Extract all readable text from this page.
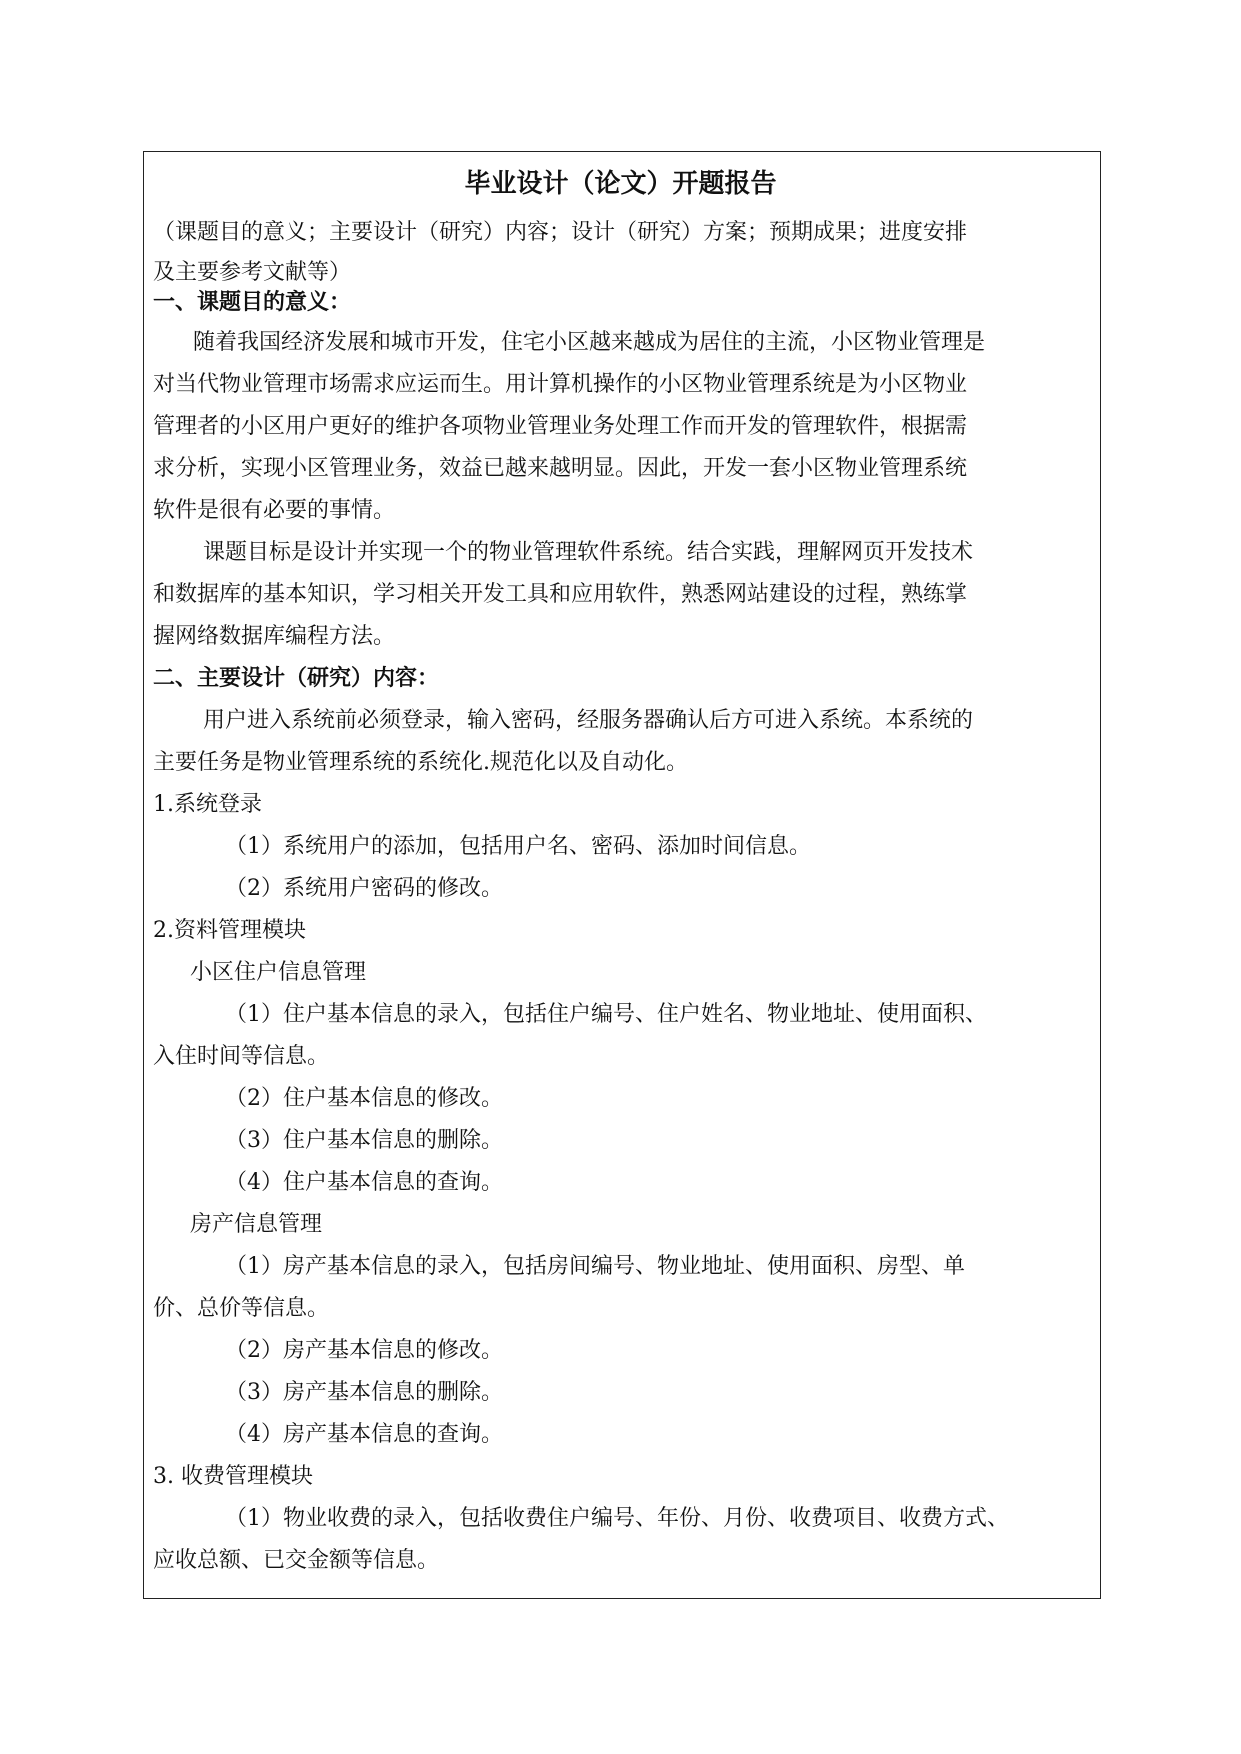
毕业设计（论文）开题报告
（课题目的意义；主要设计（研究）内容；设计（研究）方案；预期成果；进度安排
及主要参考文献等）
一、课题目的意义：
随着我国经济发展和城市开发，住宅小区越来越成为居住的主流，小区物业管理是
对当代物业管理市场需求应运而生。用计算机操作的小区物业管理系统是为小区物业
管理者的小区用户更好的维护各项物业管理业务处理工作而开发的管理软件，根据需
求分析，实现小区管理业务，效益已越来越明显。因此，开发一套小区物业管理系统
软件是很有必要的事情。
课题目标是设计并实现一个的物业管理软件系统。结合实践，理解网页开发技术
和数据库的基本知识，学习相关开发工具和应用软件，熟悉网站建设的过程，熟练掌
握网络数据库编程方法。
二、主要设计（研究）内容：
用户进入系统前必须登录，输入密码，经服务器确认后方可进入系统。本系统的
主要任务是物业管理系统的系统化.规范化以及自动化。
1.系统登录
（1）系统用户的添加，包括用户名、密码、添加时间信息。
（2）系统用户密码的修改。
2.资料管理模块
小区住户信息管理
（1）住户基本信息的录入，包括住户编号、住户姓名、物业地址、使用面积、
入住时间等信息。
（2）住户基本信息的修改。
（3）住户基本信息的删除。
（4）住户基本信息的查询。
房产信息管理
（1）房产基本信息的录入，包括房间编号、物业地址、使用面积、房型、单
价、总价等信息。
（2）房产基本信息的修改。
（3）房产基本信息的删除。
（4）房产基本信息的查询。
3. 收费管理模块
（1）物业收费的录入，包括收费住户编号、年份、月份、收费项目、收费方式、
应收总额、已交金额等信息。
